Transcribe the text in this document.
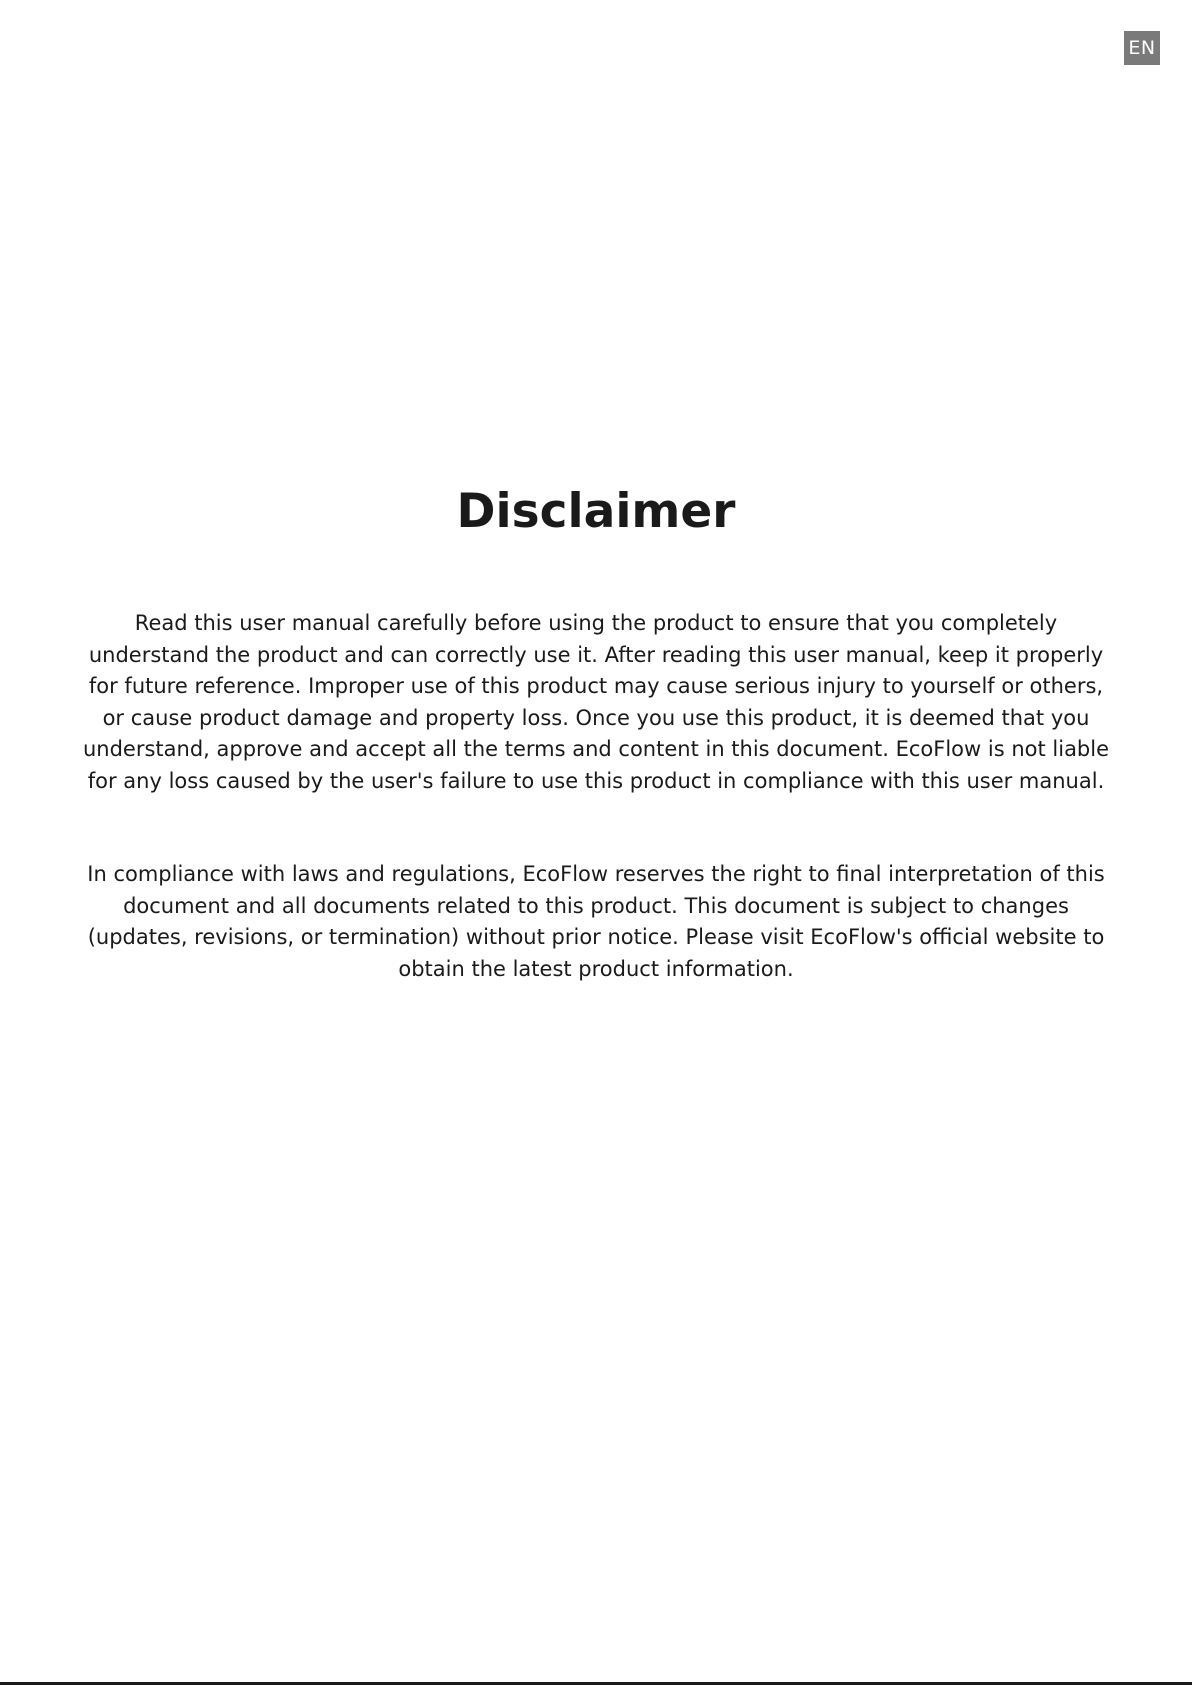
EN
Disclaimer

Read this user manual carefully before using the product to ensure that you completely understand the product and can correctly use it. After reading this user manual, keep it properly for future reference. Improper use of this product may cause serious injury to yourself or others, or cause product damage and property loss. Once you use this product, it is deemed that you understand, approve and accept all the terms and content in this document. EcoFlow is not liable for any loss caused by the user's failure to use this product in compliance with this user manual.

In compliance with laws and regulations, EcoFlow reserves the right to final interpretation of this document and all documents related to this product. This document is subject to changes (updates, revisions, or termination) without prior notice. Please visit EcoFlow's official website to obtain the latest product information.
